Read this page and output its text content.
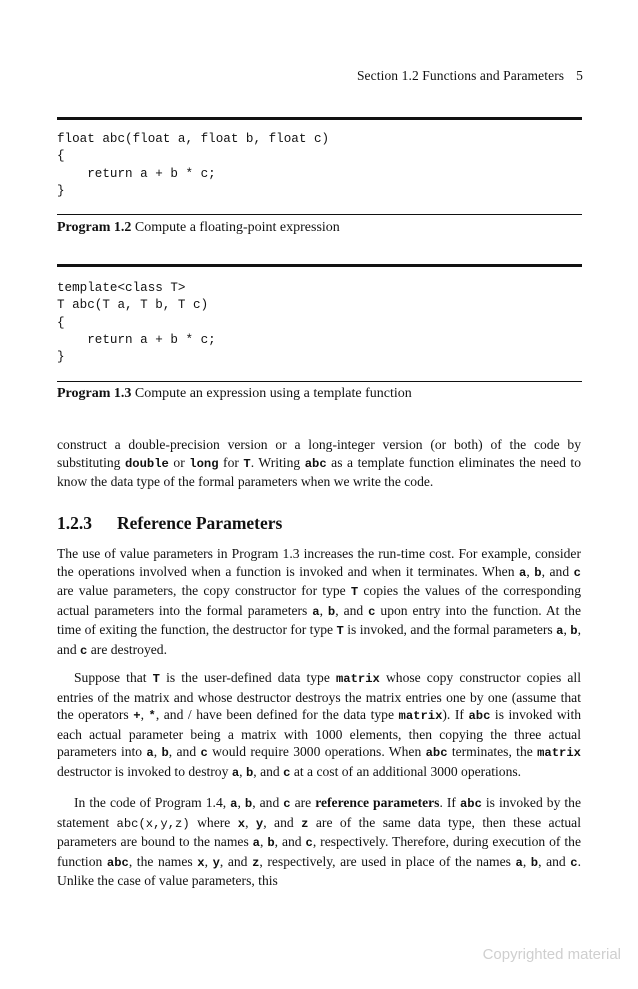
Section 1.2 Functions and Parameters 5
float abc(float a, float b, float c)
{
return a + b * c;
}
Program 1.2 Compute a floating-point expression
template<class T>
T abc(T a, T b, T c)
{
return a + b * c;
}
Program 1.3 Compute an expression using a template function

construct a double-precision version or a long-integer version (or both) of the code by substituting double or long for T. Writing abc as a template function eliminates the need to know the data type of the formal parameters when we write the code.

1.2.3 Reference Parameters

The use of value parameters in Program 1.3 increases the run-time cost. For example, consider the operations involved when a function is invoked and when it terminates. When a, b, and c are value parameters, the copy constructor for type T copies the values of the corresponding actual parameters into the formal parameters a, b, and c upon entry into the function. At the time of exiting the function, the destructor for type T is invoked, and the formal parameters a, b, and c are destroyed.

Suppose that T is the user-defined data type matrix whose copy constructor copies all entries of the matrix and whose destructor destroys the matrix entries one by one (assume that the operators +, *, and / have been defined for the data type matrix). If abc is invoked with each actual parameter being a matrix with 1000 elements, then copying the three actual parameters into a, b, and c would require 3000 operations. When abc terminates, the matrix destructor is invoked to destroy a, b, and c at a cost of an additional 3000 operations.

In the code of Program 1.4, a, b, and c are reference parameters. If abc is invoked by the statement abc(x,y,z) where x, y, and z are of the same data type, then these actual parameters are bound to the names a, b, and c, respectively. Therefore, during execution of the function abc, the names x, y, and z, respectively, are used in place of the names a, b, and c. Unlike the case of value parameters, this

Copyrighted material
